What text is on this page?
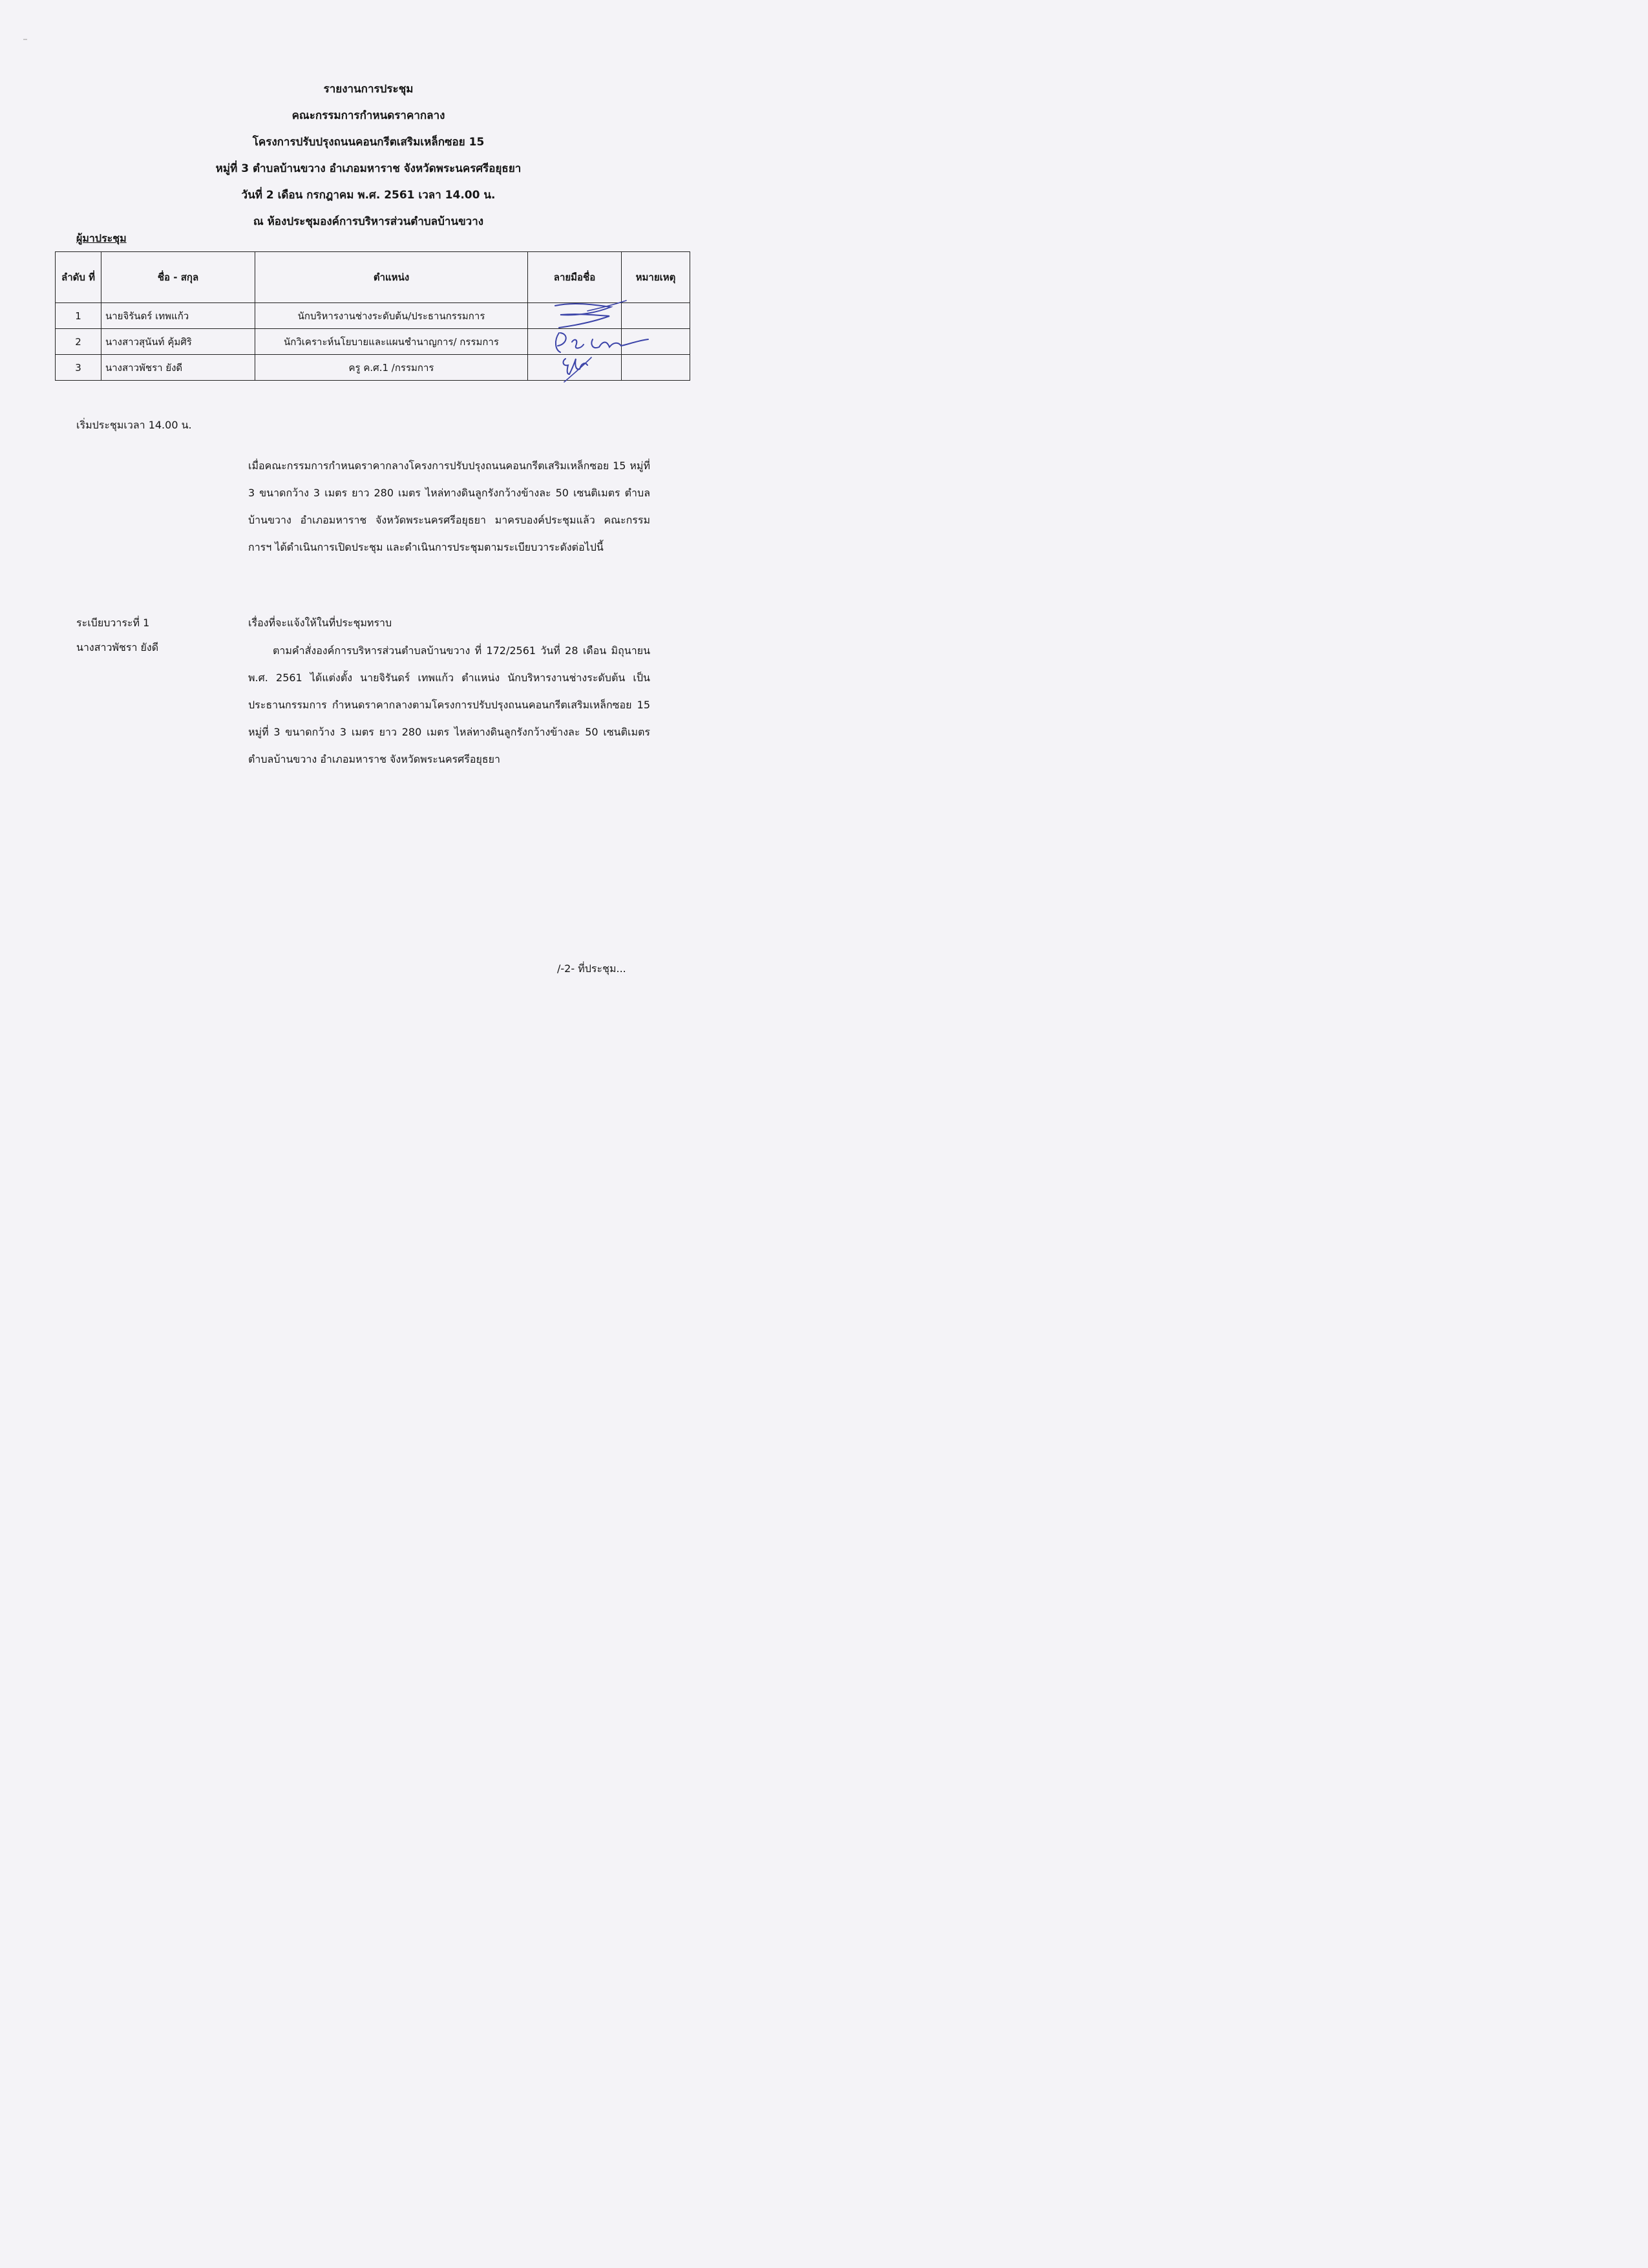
รายงานการประชุม
คณะกรรมการกำหนดราคากลาง
โครงการปรับปรุงถนนคอนกรีตเสริมเหล็กซอย 15
หมู่ที่ 3 ตำบลบ้านขวาง อำเภอมหาราช จังหวัดพระนครศรีอยุธยา
วันที่ 2 เดือน กรกฎาคม พ.ศ. 2561 เวลา 14.00 น.
ณ ห้องประชุมองค์การบริหารส่วนตำบลบ้านขวาง
ผู้มาประชุม
ลำดับ ที่	ชื่อ - สกุล	ตำแหน่ง	ลายมือชื่อ	หมายเหตุ
1	นายจิรันดร์ เทพแก้ว	นักบริหารงานช่างระดับต้น/ประธานกรรมการ	

2	นางสาวสุนันท์ คุ้มศิริ	นักวิเคราะห์นโยบายและแผนชำนาญการ/ กรรมการ	

3	นางสาวพัชรา ยังดี	ครู ค.ศ.1 /กรรมการ	

เริ่มประชุมเวลา 14.00 น.
เมื่อคณะกรรมการกำหนดราคากลางโครงการปรับปรุงถนนคอนกรีตเสริมเหล็กซอย 15 หมู่ที่ 3 ขนาดกว้าง 3 เมตร ยาว 280 เมตร ไหล่ทางดินลูกรังกว้างข้างละ 50 เซนติเมตร ตำบลบ้านขวาง อำเภอมหาราช จังหวัดพระนครศรีอยุธยา มาครบองค์ประชุมแล้ว คณะกรรมการฯ ได้ดำเนินการเปิดประชุม และดำเนินการประชุมตามระเบียบวาระดังต่อไปนี้
ระเบียบวาระที่ 1	เรื่องที่จะแจ้งให้ในที่ประชุมทราบ
นางสาวพัชรา ยังดี	ตามคำสั่งองค์การบริหารส่วนตำบลบ้านขวาง ที่ 172/2561 วันที่ 28 เดือน มิถุนายน พ.ศ. 2561 ได้แต่งตั้ง นายจิรันดร์ เทพแก้ว ตำแหน่ง นักบริหารงานช่างระดับต้น เป็นประธานกรรมการ กำหนดราคากลางตามโครงการปรับปรุงถนนคอนกรีตเสริมเหล็กซอย 15 หมู่ที่ 3 ขนาดกว้าง 3 เมตร ยาว 280 เมตร ไหล่ทางดินลูกรังกว้างข้างละ 50 เซนติเมตร ตำบลบ้านขวาง อำเภอมหาราช จังหวัดพระนครศรีอยุธยา
/-2- ที่ประชุม...
